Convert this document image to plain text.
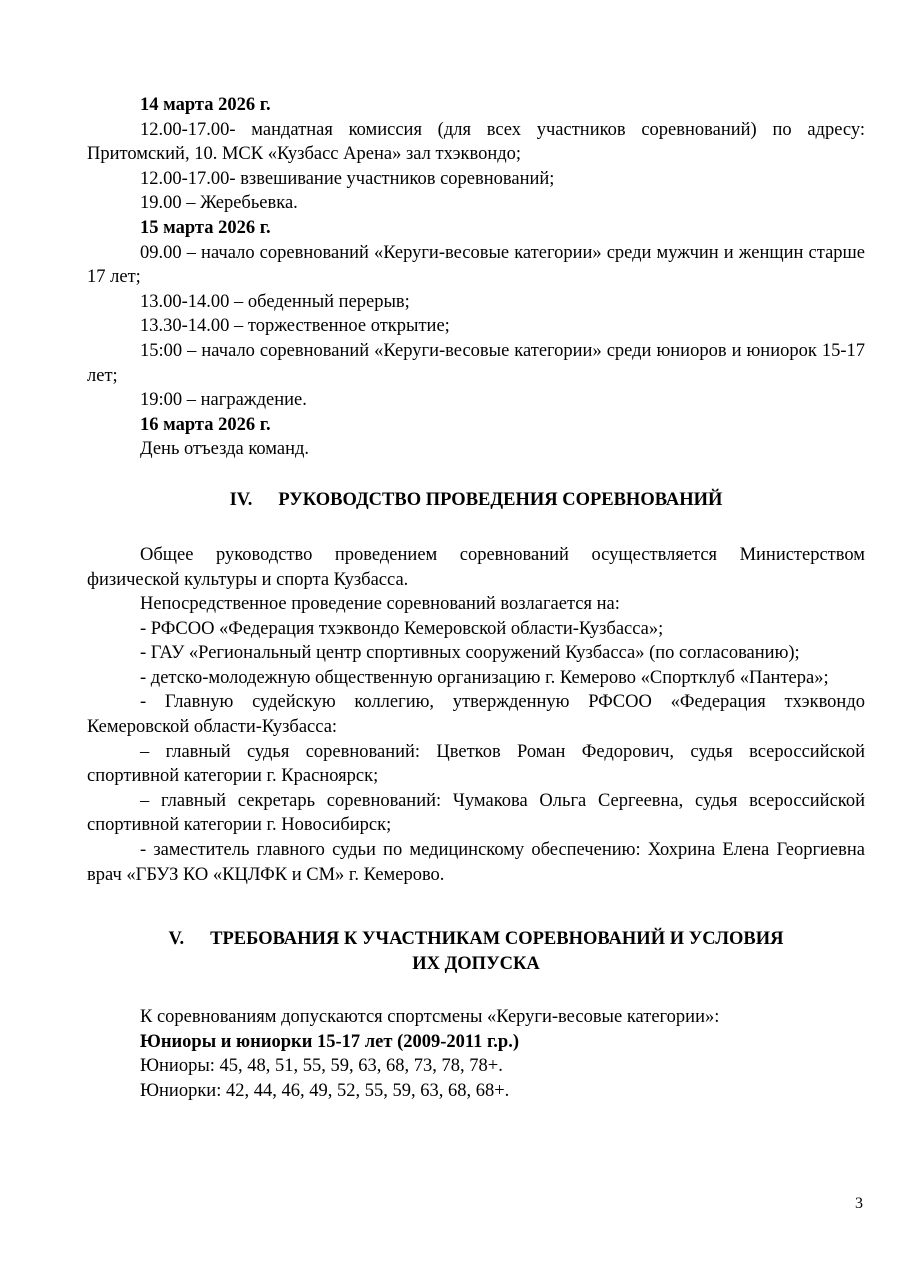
14 марта 2026 г.

12.00-17.00- мандатная комиссия (для всех участников соревнований) по адресу: Притомский, 10. МСК «Кузбасс Арена» зал тхэквондо;

12.00-17.00- взвешивание участников соревнований;

19.00 – Жеребьевка.

15 марта 2026 г.

09.00 – начало соревнований «Керуги-весовые категории» среди мужчин и женщин старше 17 лет;

13.00-14.00 – обеденный перерыв;

13.30-14.00 – торжественное открытие;

15:00 – начало соревнований «Керуги-весовые категории» среди юниоров и юниорок 15-17 лет;

19:00 – награждение.

16 марта 2026 г.

День отъезда команд.

IV. РУКОВОДСТВО ПРОВЕДЕНИЯ СОРЕВНОВАНИЙ

Общее руководство проведением соревнований осуществляется Министерством физической культуры и спорта Кузбасса.

Непосредственное проведение соревнований возлагается на:

- РФСОО «Федерация тхэквондо Кемеровской области-Кузбасса»;

- ГАУ «Региональный центр спортивных сооружений Кузбасса» (по согласованию);

- детско-молодежную общественную организацию г. Кемерово «Спортклуб «Пантера»;

- Главную судейскую коллегию, утвержденную РФСОО «Федерация тхэквондо Кемеровской области-Кузбасса:

– главный судья соревнований: Цветков Роман Федорович, судья всероссийской спортивной категории г. Красноярск;

– главный секретарь соревнований: Чумакова Ольга Сергеевна, судья всероссийской спортивной категории г. Новосибирск;

- заместитель главного судьи по медицинскому обеспечению: Хохрина Елена Георгиевна врач «ГБУЗ КО «КЦЛФК и СМ» г. Кемерово.

V. ТРЕБОВАНИЯ К УЧАСТНИКАМ СОРЕВНОВАНИЙ И УСЛОВИЯ
ИХ ДОПУСКА

К соревнованиям допускаются спортсмены «Керуги-весовые категории»:

Юниоры и юниорки 15-17 лет (2009-2011 г.р.)

Юниоры: 45, 48, 51, 55, 59, 63, 68, 73, 78, 78+.

Юниорки: 42, 44, 46, 49, 52, 55, 59, 63, 68, 68+.

3
